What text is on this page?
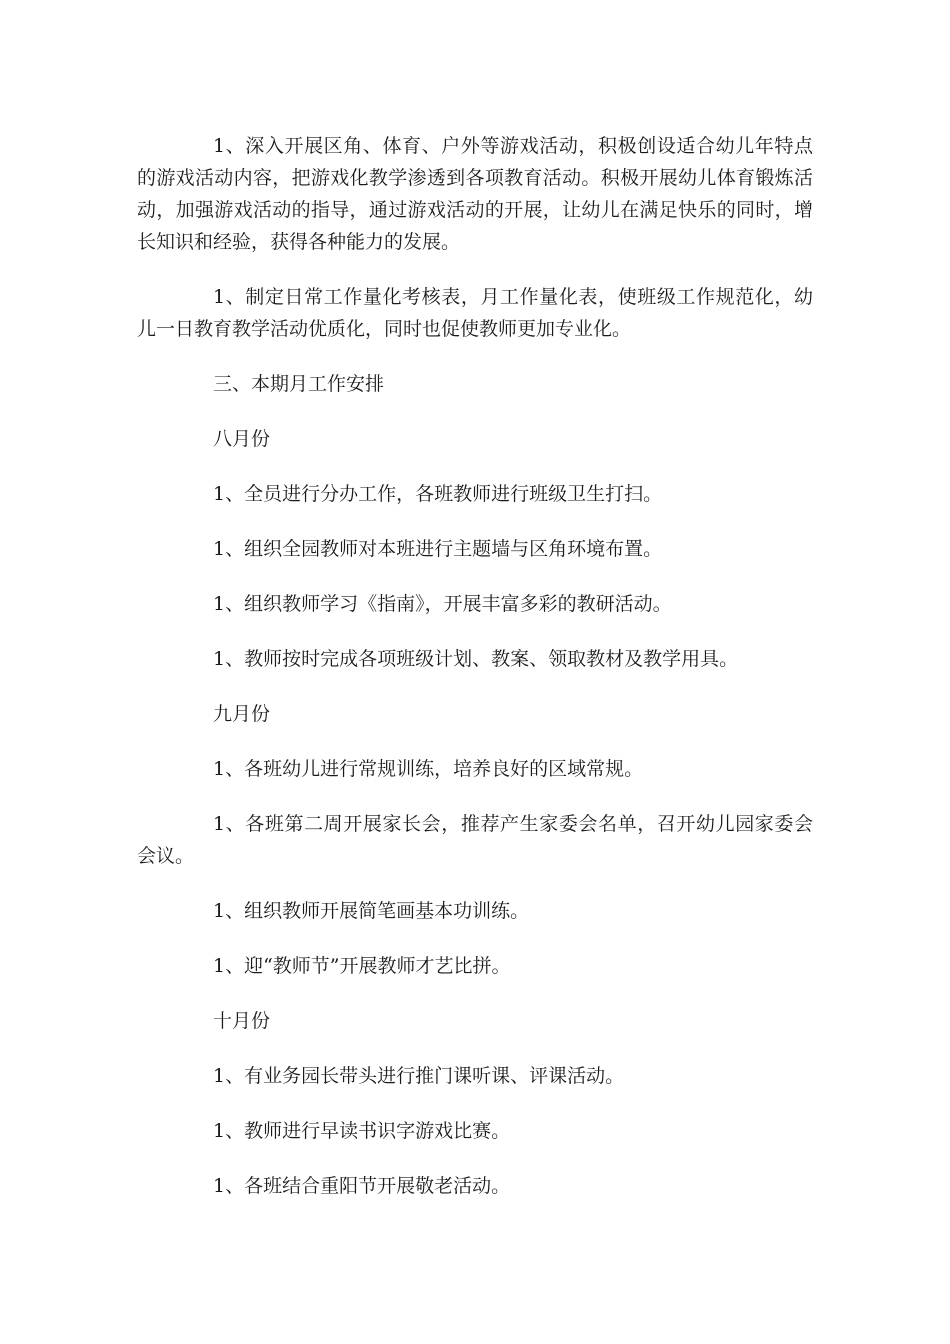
1、深入开展区角、体育、户外等游戏活动，积极创设适合幼儿年特点的游戏活动内容，把游戏化教学渗透到各项教育活动。积极开展幼儿体育锻炼活动，加强游戏活动的指导，通过游戏活动的开展，让幼儿在满足快乐的同时，增长知识和经验，获得各种能力的发展。

1、制定日常工作量化考核表，月工作量化表，使班级工作规范化，幼儿一日教育教学活动优质化，同时也促使教师更加专业化。

三、本期月工作安排

八月份

1、全员进行分办工作，各班教师进行班级卫生打扫。

1、组织全园教师对本班进行主题墙与区角环境布置。

1、组织教师学习《指南》，开展丰富多彩的教研活动。

1、教师按时完成各项班级计划、教案、领取教材及教学用具。

九月份

1、各班幼儿进行常规训练，培养良好的区域常规。

1、各班第二周开展家长会，推荐产生家委会名单，召开幼儿园家委会会议。

1、组织教师开展简笔画基本功训练。

1、迎“教师节”开展教师才艺比拼。

十月份

1、有业务园长带头进行推门课听课、评课活动。

1、教师进行早读书识字游戏比赛。

1、各班结合重阳节开展敬老活动。
